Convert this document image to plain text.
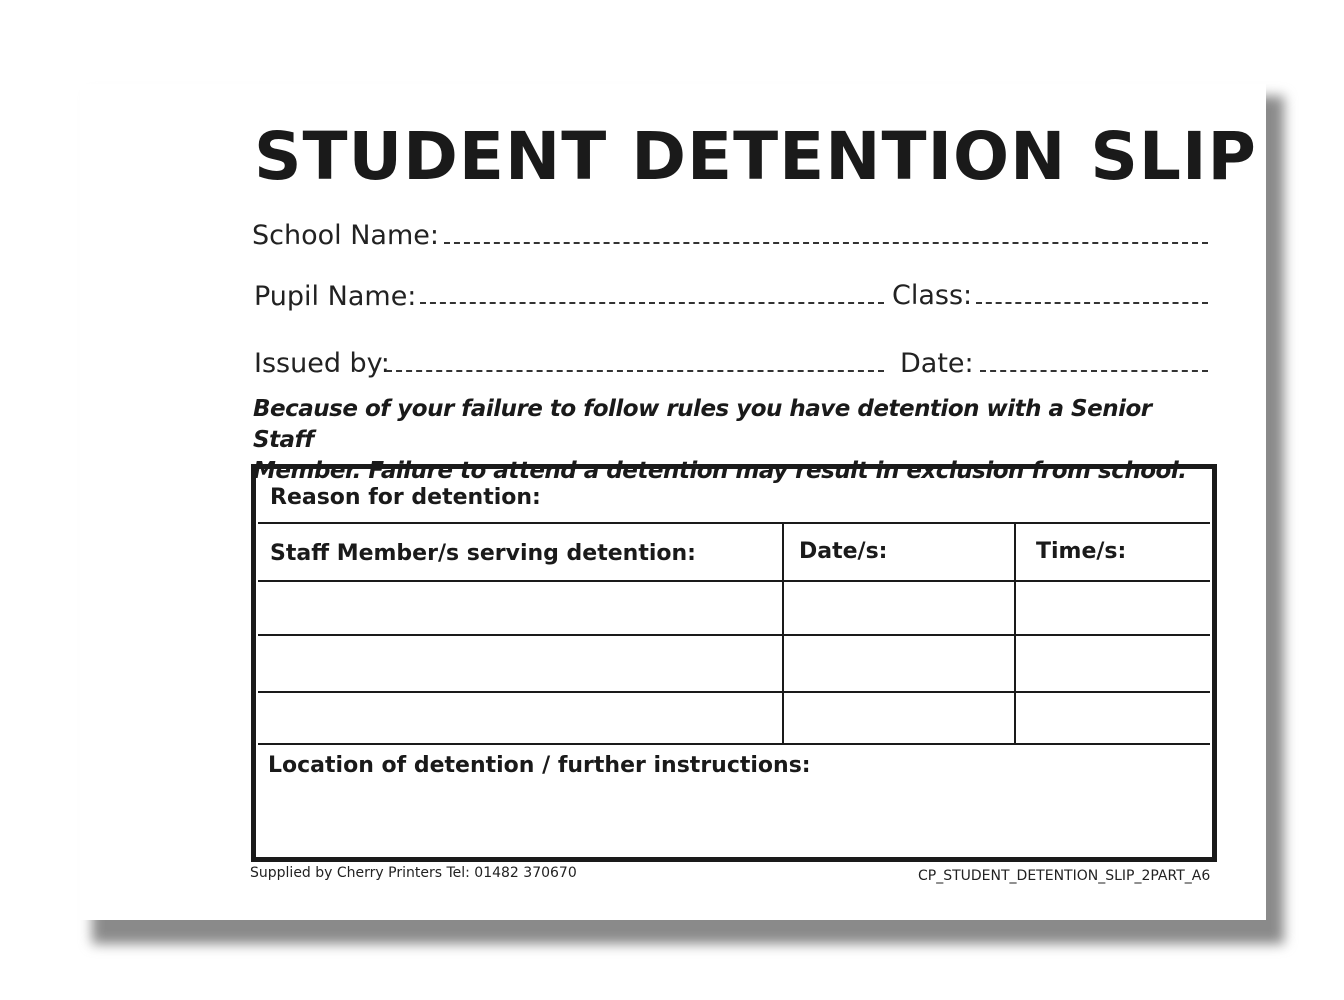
STUDENT DETENTION SLIP
School Name:
Pupil Name:	Class:
Issued by:	Date:
Because of your failure to follow rules you have detention with a Senior Staff
Member. Failure to attend a detention may result in exclusion from school.
Reason for detention:
Staff Member/s serving detention:	Date/s:	Time/s:
Location of detention / further instructions:
Supplied by Cherry Printers Tel: 01482 370670	CP_STUDENT_DETENTION_SLIP_2PART_A6
